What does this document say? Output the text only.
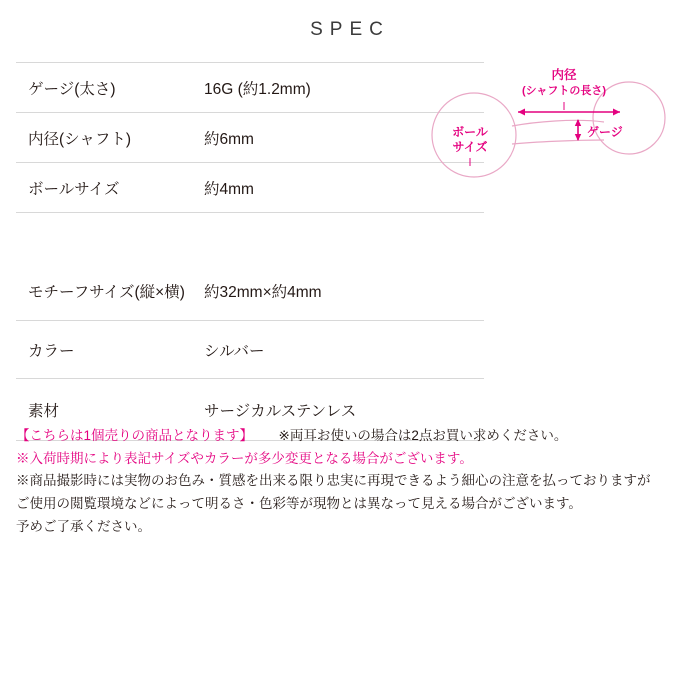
SPEC
ゲージ(太さ)	16G (約1.2mm)
内径(シャフト)	約6mm
ボールサイズ	約4mm

モチーフサイズ(縦×横)	約32mm×約4mm
カラー	シルバー
素材	サージカルステンレス
内径
(シャフトの長さ)
ゲージ
ボール
サイズ
【こちらは1個売りの商品となります】 ※両耳お使いの場合は2点お買い求めください。
※入荷時期により表記サイズやカラーが多少変更となる場合がございます。
※商品撮影時には実物のお色み・質感を出来る限り忠実に再現できるよう細心の注意を払っておりますが
ご使用の閲覧環境などによって明るさ・色彩等が現物とは異なって見える場合がございます。
予めご了承ください。
